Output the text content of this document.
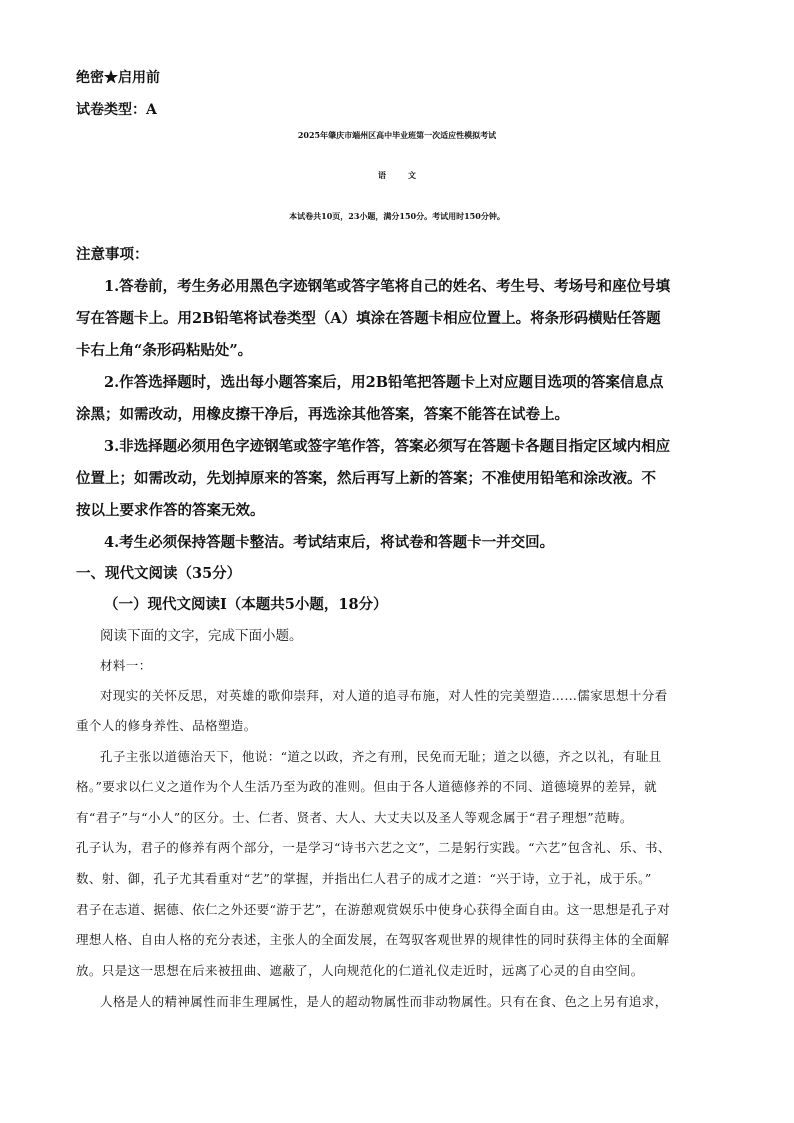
绝密★启用前
试卷类型：A
2025年肇庆市端州区高中毕业班第一次适应性模拟考试
语文
本试卷共10页，23小题，满分150分。考试用时150分钟。
注意事项：
1.答卷前，考生务必用黑色字迹钢笔或答字笔将自己的姓名、考生号、考场号和座位号填
写在答题卡上。用2B铅笔将试卷类型（A）填涂在答题卡相应位置上。将条形码横贴任答题
卡右上角“条形码粘贴处”。
2.作答选择题时，选出每小题答案后，用2B铅笔把答题卡上对应题目选项的答案信息点
涂黑；如需改动，用橡皮擦干净后，再选涂其他答案，答案不能答在试卷上。
3.非选择题必须用色字迹钢笔或签字笔作答，答案必须写在答题卡各题目指定区域内相应
位置上；如需改动，先划掉原来的答案，然后再写上新的答案；不准使用铅笔和涂改液。不
按以上要求作答的答案无效。
4.考生必须保持答题卡整洁。考试结束后，将试卷和答题卡一并交回。
一、现代文阅读（35分）
（一）现代文阅读Ⅰ（本题共5小题，18分）
阅读下面的文字，完成下面小题。
材料一：
对现实的关怀反思，对英雄的歌仰崇拜，对人道的追寻布施，对人性的完美塑造……儒家思想十分看
重个人的修身养性、品格塑造。
孔子主张以道德治天下，他说：“道之以政，齐之有刑，民免而无耻；道之以德，齐之以礼，有耻且
格。”要求以仁义之道作为个人生活乃至为政的准则。但由于各人道德修养的不同、道德境界的差异，就
有“君子”与“小人”的区分。士、仁者、贤者、大人、大丈夫以及圣人等观念属于“君子理想”范畴。
孔子认为，君子的修养有两个部分，一是学习“诗书六艺之文”，二是躬行实践。“六艺”包含礼、乐、书、
数、射、御，孔子尤其看重对“艺”的掌握，并指出仁人君子的成才之道：“兴于诗，立于礼，成于乐。”
君子在志道、据德、依仁之外还要“游于艺”，在游憩观赏娱乐中使身心获得全面自由。这一思想是孔子对
理想人格、自由人格的充分表述，主张人的全面发展，在驾驭客观世界的规律性的同时获得主体的全面解
放。只是这一思想在后来被扭曲、遮蔽了，人向规范化的仁道礼仪走近时，远离了心灵的自由空间。
人格是人的精神属性而非生理属性，是人的超动物属性而非动物属性。只有在食、色之上另有追求，
